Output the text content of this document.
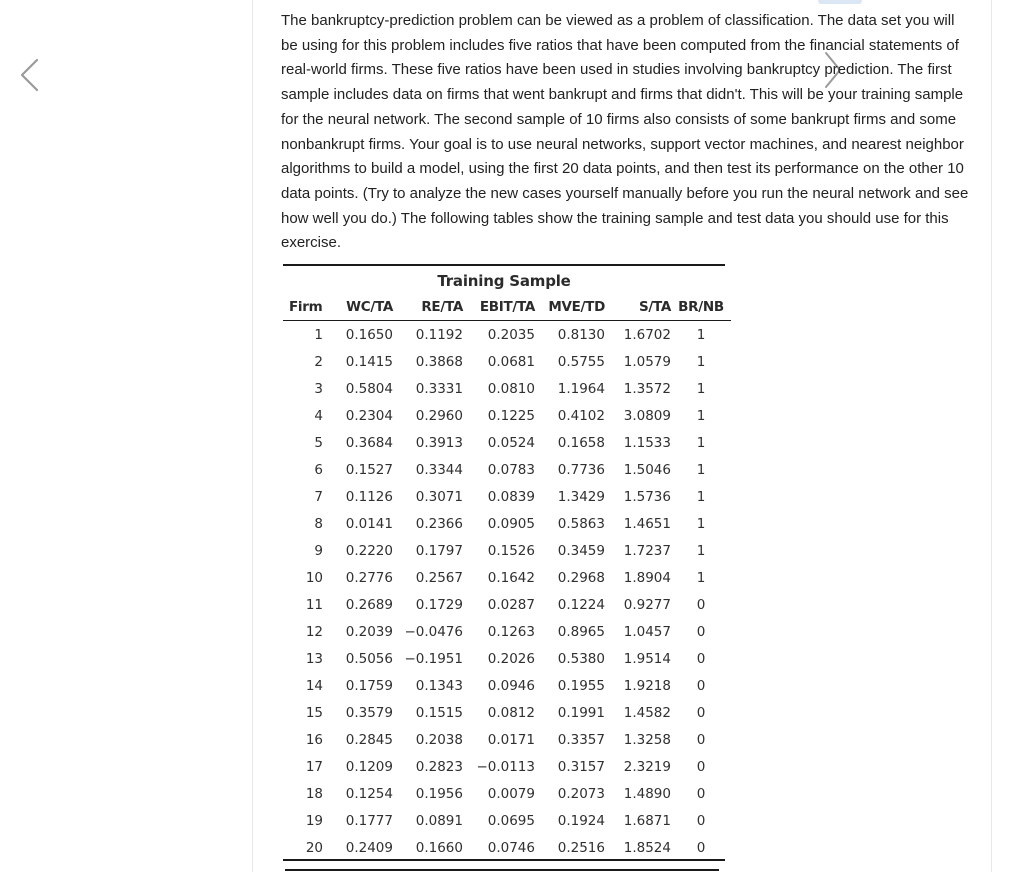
The bankruptcy-prediction problem can be viewed as a problem of classification. The data set you will be using for this problem includes five ratios that have been computed from the financial statements of real-world firms. These five ratios have been used in studies involving bankruptcy prediction. The first sample includes data on firms that went bankrupt and firms that didn't. This will be your training sample for the neural network. The second sample of 10 firms also consists of some bankrupt firms and some nonbankrupt firms. Your goal is to use neural networks, support vector machines, and nearest neighbor algorithms to build a model, using the first 20 data points, and then test its performance on the other 10 data points. (Try to analyze the new cases yourself manually before you run the neural network and see how well you do.) The following tables show the training sample and test data you should use for this exercise.

Training Sample
Firm	WC/TA	RE/TA	EBIT/TA	MVE/TD	S/TA	BR/NB
1	0.1650	0.1192	0.2035	0.8130	1.6702	1
2	0.1415	0.3868	0.0681	0.5755	1.0579	1
3	0.5804	0.3331	0.0810	1.1964	1.3572	1
4	0.2304	0.2960	0.1225	0.4102	3.0809	1
5	0.3684	0.3913	0.0524	0.1658	1.1533	1
6	0.1527	0.3344	0.0783	0.7736	1.5046	1
7	0.1126	0.3071	0.0839	1.3429	1.5736	1
8	0.0141	0.2366	0.0905	0.5863	1.4651	1
9	0.2220	0.1797	0.1526	0.3459	1.7237	1
10	0.2776	0.2567	0.1642	0.2968	1.8904	1
11	0.2689	0.1729	0.0287	0.1224	0.9277	0
12	0.2039	−0.0476	0.1263	0.8965	1.0457	0
13	0.5056	−0.1951	0.2026	0.5380	1.9514	0
14	0.1759	0.1343	0.0946	0.1955	1.9218	0
15	0.3579	0.1515	0.0812	0.1991	1.4582	0
16	0.2845	0.2038	0.0171	0.3357	1.3258	0
17	0.1209	0.2823	−0.0113	0.3157	2.3219	0
18	0.1254	0.1956	0.0079	0.2073	1.4890	0
19	0.1777	0.0891	0.0695	0.1924	1.6871	0
20	0.2409	0.1660	0.0746	0.2516	1.8524	0
